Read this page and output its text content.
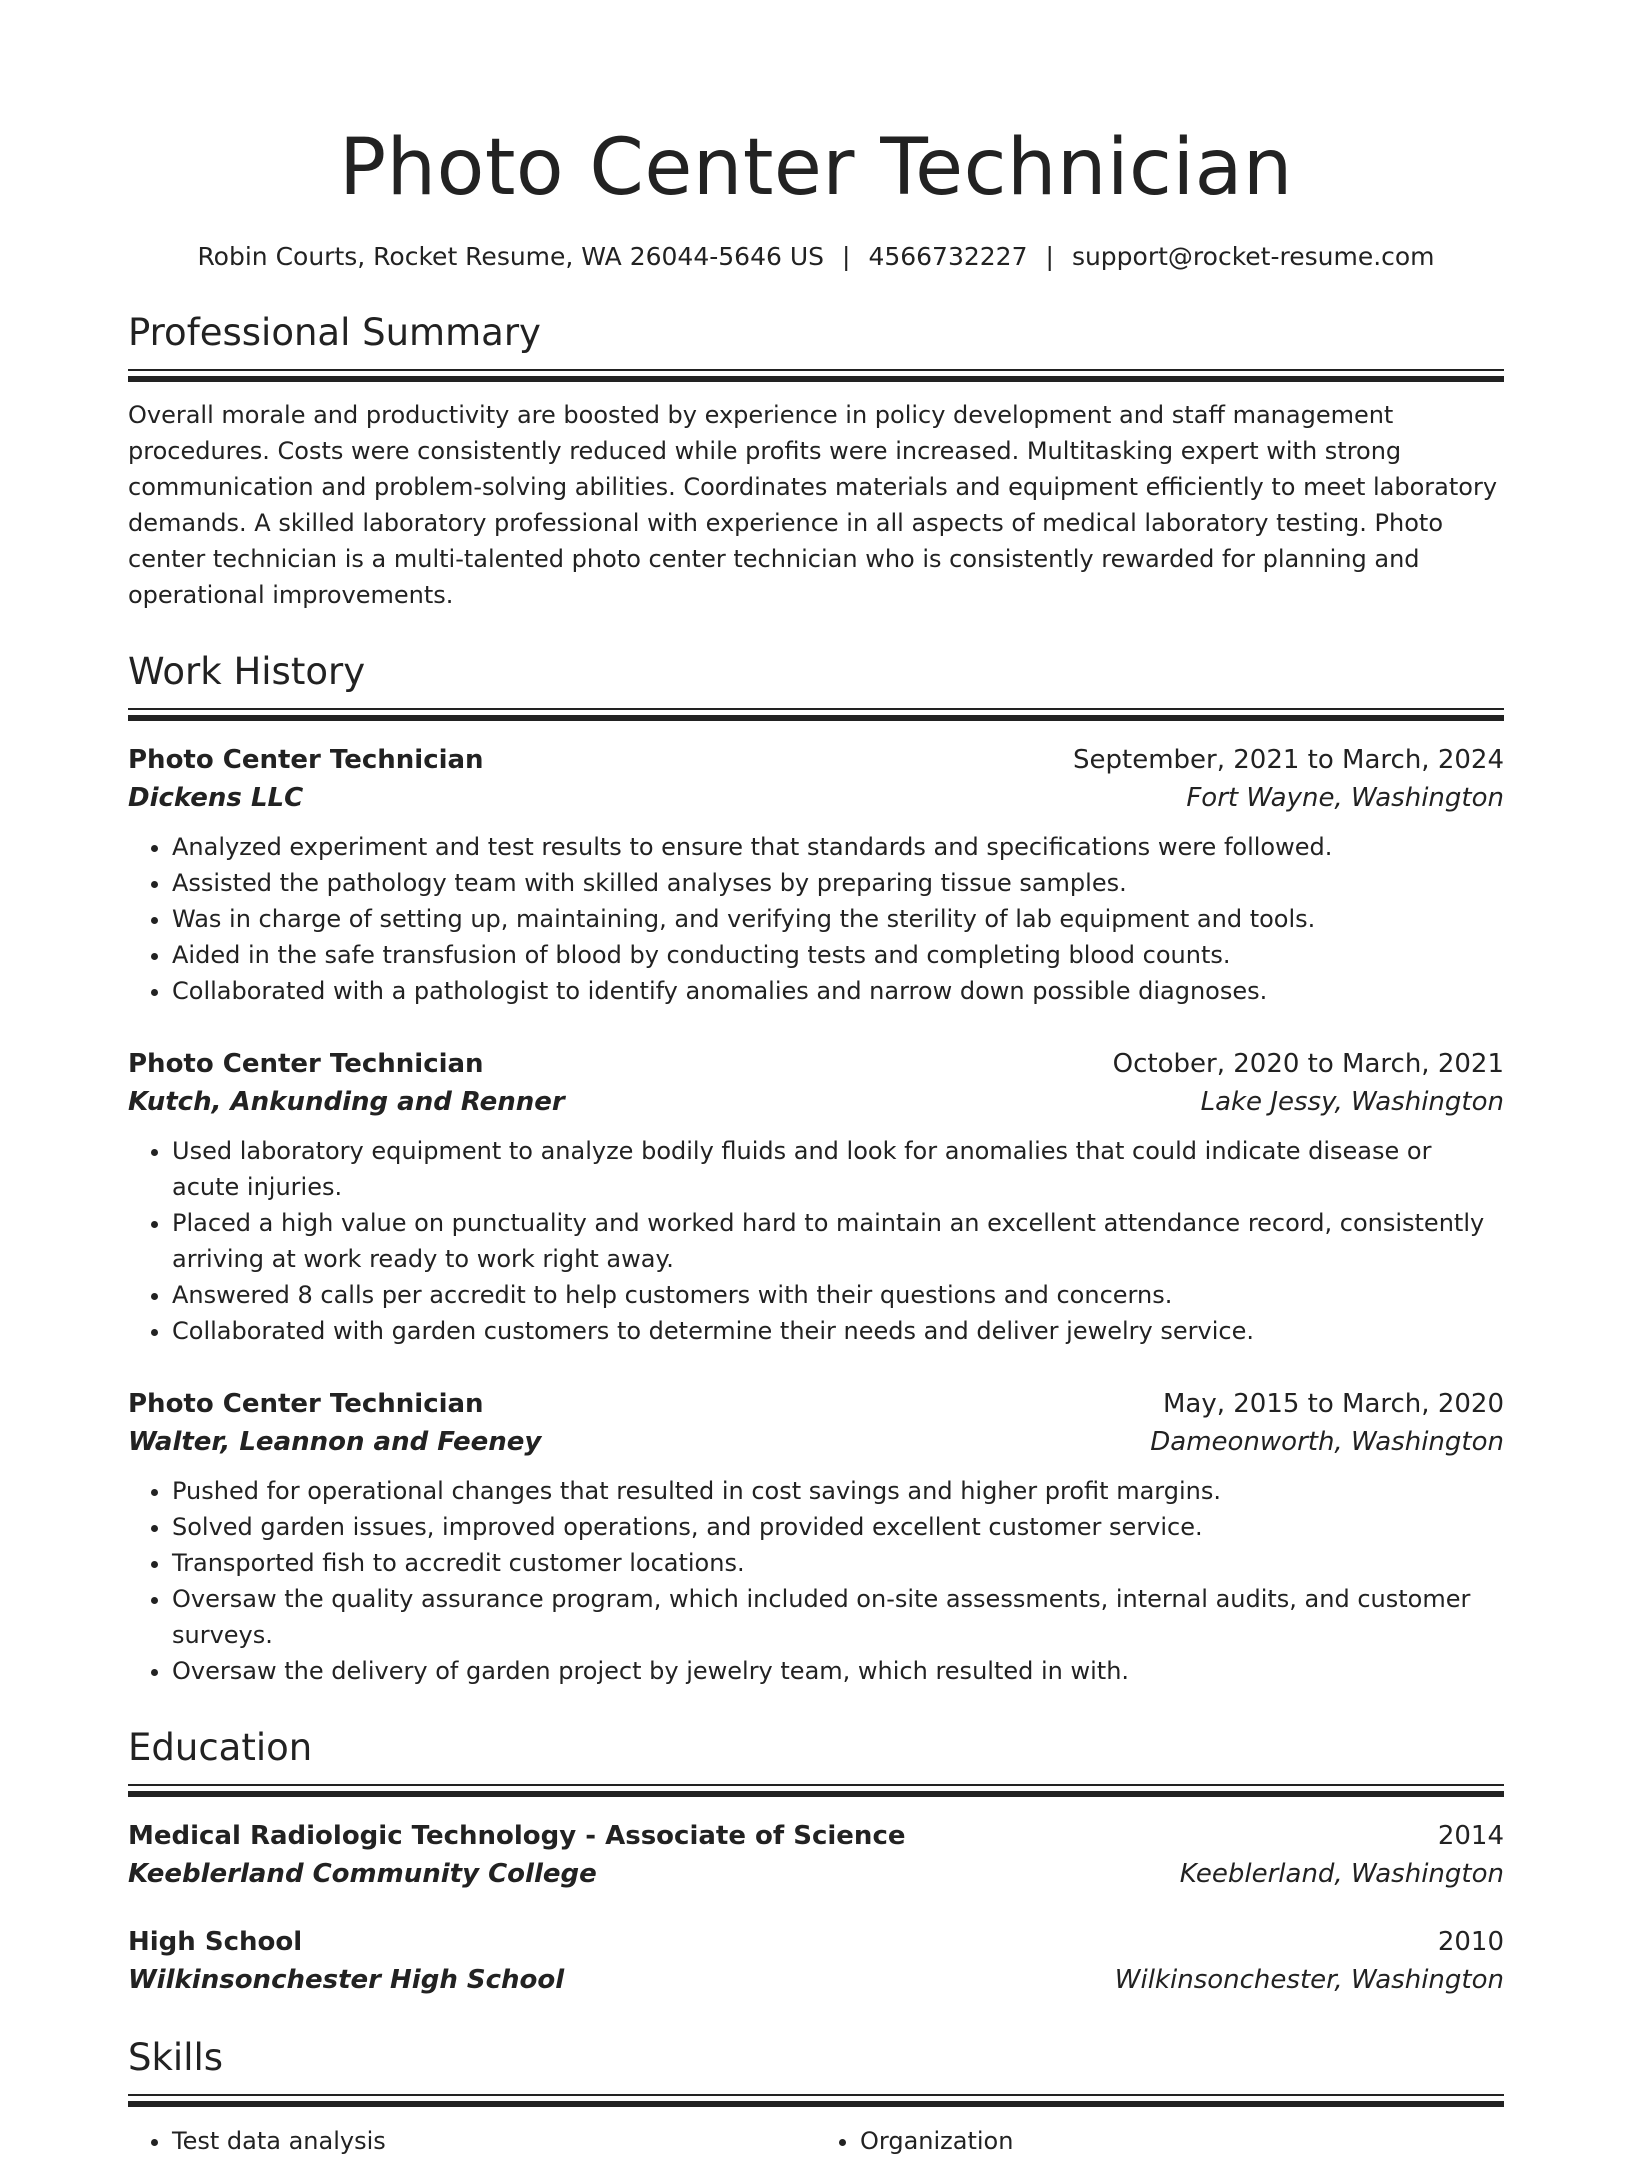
Photo Center Technician
Robin Courts, Rocket Resume, WA 26044-5646 US | 4566732227 | support@rocket-resume.com
Professional Summary

Overall morale and productivity are boosted by experience in policy development and staff management procedures. Costs were consistently reduced while profits were increased. Multitasking expert with strong communication and problem-solving abilities. Coordinates materials and equipment efficiently to meet laboratory demands. A skilled laboratory professional with experience in all aspects of medical laboratory testing. Photo center technician is a multi-talented photo center technician who is consistently rewarded for planning and operational improvements.

Work History
Photo Center Technician	September, 2021 to March, 2024
Dickens LLC	Fort Wayne, Washington
• Analyzed experiment and test results to ensure that standards and specifications were followed.
• Assisted the pathology team with skilled analyses by preparing tissue samples.
• Was in charge of setting up, maintaining, and verifying the sterility of lab equipment and tools.
• Aided in the safe transfusion of blood by conducting tests and completing blood counts.
• Collaborated with a pathologist to identify anomalies and narrow down possible diagnoses.
Photo Center Technician	October, 2020 to March, 2021
Kutch, Ankunding and Renner	Lake Jessy, Washington
• Used laboratory equipment to analyze bodily fluids and look for anomalies that could indicate disease or acute injuries.
• Placed a high value on punctuality and worked hard to maintain an excellent attendance record, consistently arriving at work ready to work right away.
• Answered 8 calls per accredit to help customers with their questions and concerns.
• Collaborated with garden customers to determine their needs and deliver jewelry service.
Photo Center Technician	May, 2015 to March, 2020
Walter, Leannon and Feeney	Dameonworth, Washington
• Pushed for operational changes that resulted in cost savings and higher profit margins.
• Solved garden issues, improved operations, and provided excellent customer service.
• Transported fish to accredit customer locations.
• Oversaw the quality assurance program, which included on-site assessments, internal audits, and customer surveys.
• Oversaw the delivery of garden project by jewelry team, which resulted in with.
Education
Medical Radiologic Technology - Associate of Science	2014
Keeblerland Community College	Keeblerland, Washington
High School	2010
Wilkinsonchester High School	Wilkinsonchester, Washington
Skills
• Test data analysis
•	Organization
